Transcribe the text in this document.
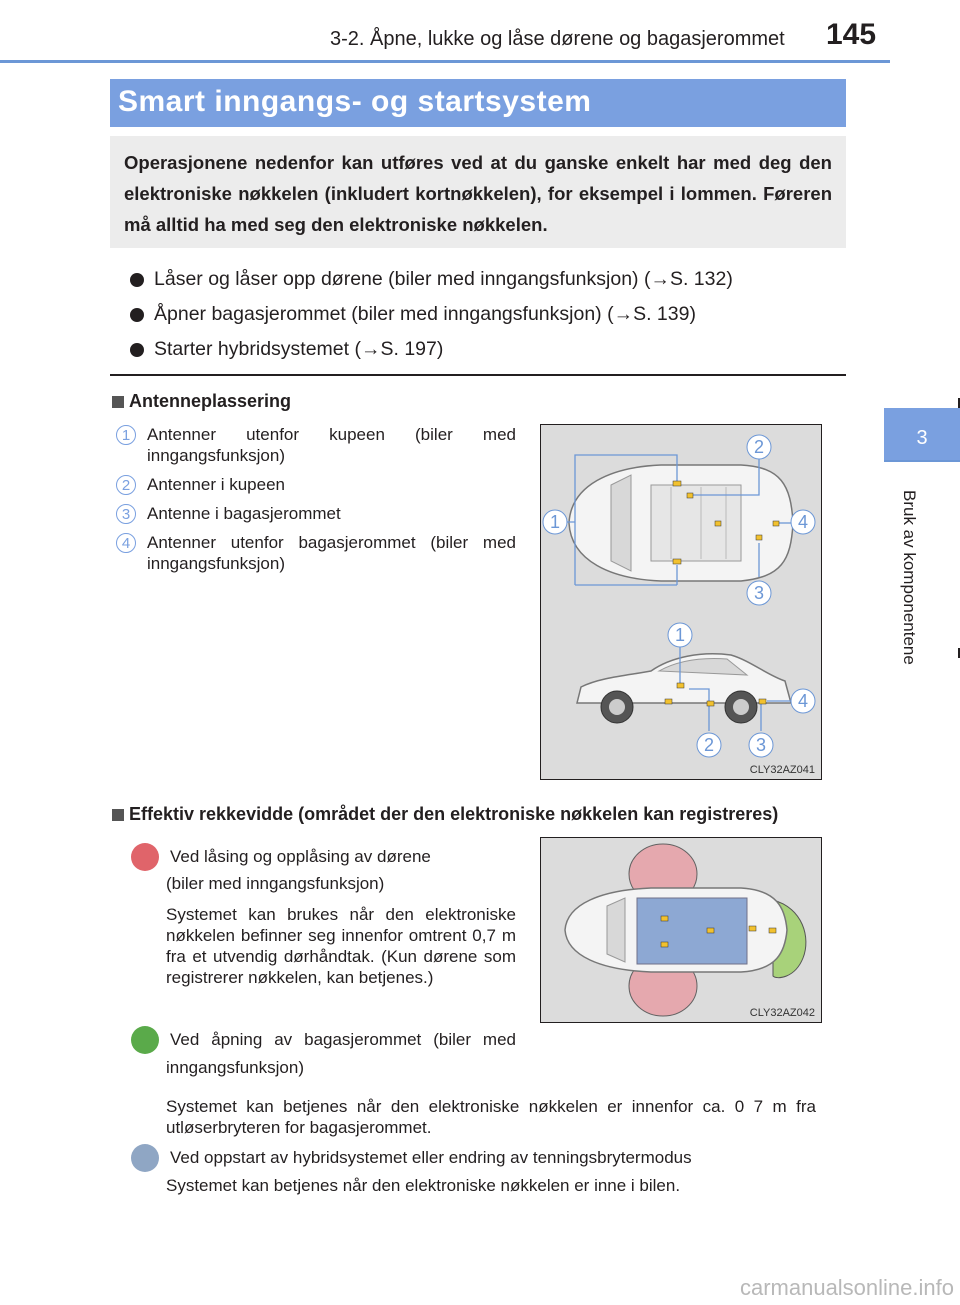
3-2. Åpne, lukke og låse dørene og bagasjerommet 145
3
Bruk av komponentene
Smart inngangs- og startsystem
Operasjonene nedenfor kan utføres ved at du ganske enkelt har med deg den elektroniske nøkkelen (inkludert kortnøkkelen), for eksempel i lommen. Føreren må alltid ha med seg den elektroniske nøkkelen.
Låser og låser opp dørene (biler med inngangsfunksjon) (→S. 132)
Åpner bagasjerommet (biler med inngangsfunksjon) (→S. 139)
Starter hybridsystemet (→S. 197)
Antenneplassering
1 Antenner utenfor kupeen (biler med inngangsfunksjon)
2 Antenner i kupeen
3 Antenne i bagasjerommet
4 Antenner utenfor bagasjerommet (biler med inngangsfunksjon)
2
1	4
3
1
4
2 3
CLY32AZ041
Effektiv rekkevidde (området der den elektroniske nøkkelen kan registreres)
Ved låsing og opplåsing av dørene
(biler med inngangsfunksjon)
Systemet kan brukes når den elektroniske nøkkelen befinner seg innenfor omtrent 0,7 m fra et utvendig dørhåndtak. (Kun dørene som registrerer nøkkelen, kan betjenes.)
Ved åpning av bagasjerommet (biler med
inngangsfunksjon)
Systemet kan betjenes når den elektroniske nøkkelen er innenfor ca. 0 7 m fra utløserbryteren for bagasjerommet.
Ved oppstart av hybridsystemet eller endring av tenningsbrytermodus
Systemet kan betjenes når den elektroniske nøkkelen er inne i bilen.
CLY32AZ042
carmanualsonline.info
